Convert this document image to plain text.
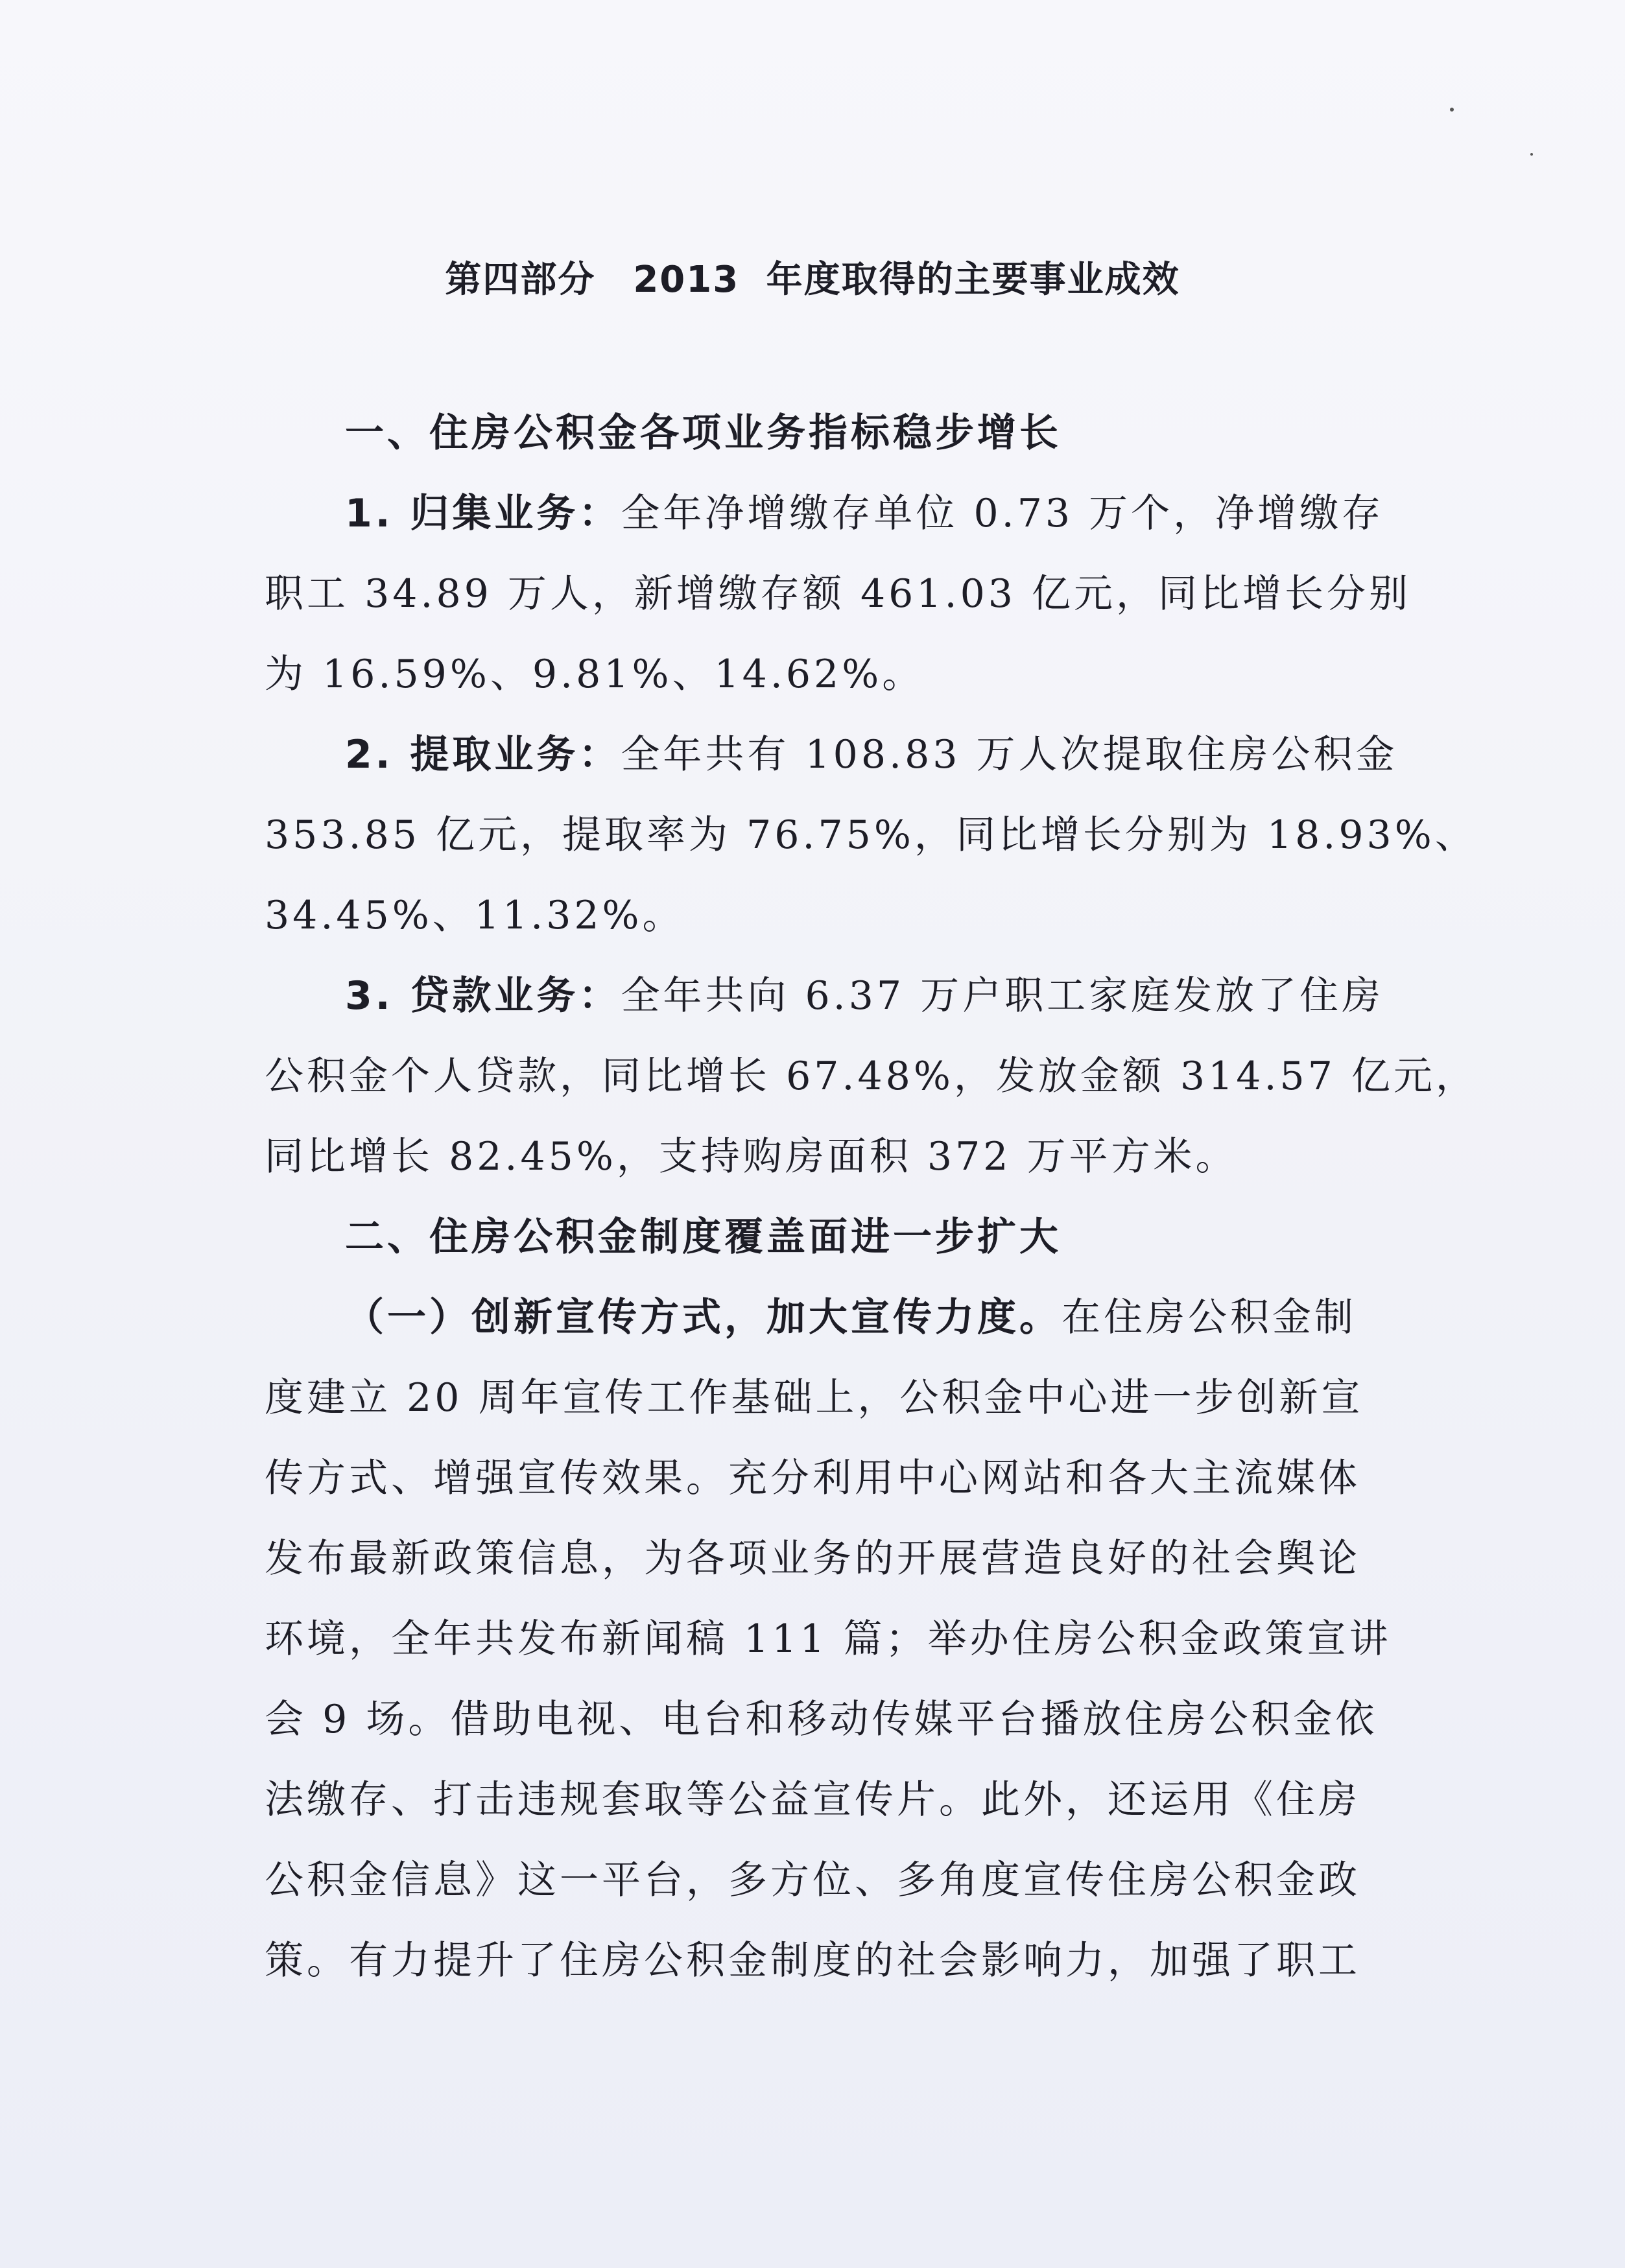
第四部分　2013 年度取得的主要事业成效
一、住房公积金各项业务指标稳步增长
1. 归集业务：全年净增缴存单位 0.73 万个，净增缴存
职工 34.89 万人，新增缴存额 461.03 亿元，同比增长分别
为 16.59%、9.81%、14.62%。
2. 提取业务：全年共有 108.83 万人次提取住房公积金
353.85 亿元，提取率为 76.75%，同比增长分别为 18.93%、
34.45%、11.32%。
3. 贷款业务：全年共向 6.37 万户职工家庭发放了住房
公积金个人贷款，同比增长 67.48%，发放金额 314.57 亿元，
同比增长 82.45%，支持购房面积 372 万平方米。
二、住房公积金制度覆盖面进一步扩大
（一）创新宣传方式，加大宣传力度。在住房公积金制
度建立 20 周年宣传工作基础上，公积金中心进一步创新宣
传方式、增强宣传效果。充分利用中心网站和各大主流媒体
发布最新政策信息，为各项业务的开展营造良好的社会舆论
环境，全年共发布新闻稿 111 篇；举办住房公积金政策宣讲
会 9 场。借助电视、电台和移动传媒平台播放住房公积金依
法缴存、打击违规套取等公益宣传片。此外，还运用《住房
公积金信息》这一平台，多方位、多角度宣传住房公积金政
策。有力提升了住房公积金制度的社会影响力，加强了职工
